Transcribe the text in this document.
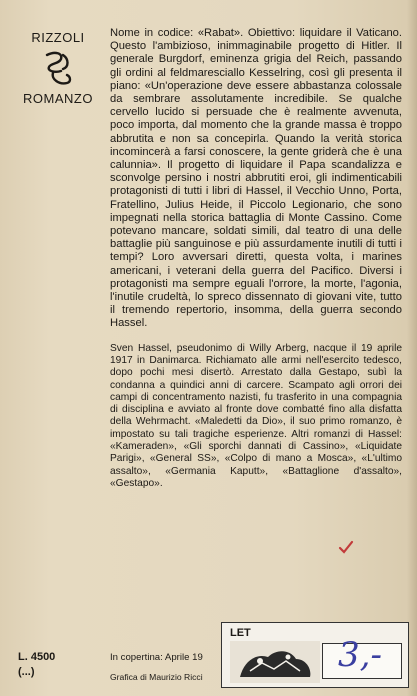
RIZZOLI
ROMANZO

Nome in codice: «Rabat». Obiettivo: liquidare il Vaticano. Questo l'ambizioso, inimmaginabile progetto di Hitler. Il generale Burgdorf, eminenza grigia del Reich, passando gli ordini al feldmaresciallo Kesselring, così gli presenta il piano: «Un'operazione deve essere abbastanza colossale da sembrare assolutamente incredibile. Se qualche cervello lucido si persuade che è realmente avvenuta, poco importa, dal momento che la grande massa è troppo abbrutita e non sa concepirla. Quando la verità storica incomincerà a farsi conoscere, la gente griderà che è una calunnia». Il progetto di liquidare il Papa scandalizza e sconvolge persino i nostri abbrutiti eroi, gli indimenticabili protagonisti di tutti i libri di Hassel, il Vecchio Unno, Porta, Fratellino, Julius Heide, il Piccolo Legionario, che sono impegnati nella storica battaglia di Monte Cassino. Come potevano mancare, soldati simili, dal teatro di una delle battaglie più sanguinose e più assurdamente inutili di tutti i tempi? Loro avversari diretti, questa volta, i marines americani, i veterani della guerra del Pacifico. Diversi i protagonisti ma sempre eguali l'orrore, la morte, l'agonia, l'inutile crudeltà, lo spreco dissennato di giovani vite, tutto il tremendo repertorio, insomma, della guerra secondo Hassel.

Sven Hassel, pseudonimo di Willy Arberg, nacque il 19 aprile 1917 in Danimarca. Richiamato alle armi nell'esercito tedesco, dopo pochi mesi disertò. Arrestato dalla Gestapo, subì la condanna a quindici anni di carcere. Scampato agli orrori dei campi di concentramento nazisti, fu trasferito in una compagnia di disciplina e avviato al fronte dove combatté fino alla disfatta della Wehrmacht. «Maledetti da Dio», il suo primo romanzo, è impostato su tali tragiche esperienze. Altri romanzi di Hassel: «Kameraden», «Gli sporchi dannati di Cassino», «Liquidate Parigi», «General SS», «Colpo di mano a Mosca», «L'ultimo assalto», «Germania Kaputt», «Battaglione d'assalto», «Gestapo».

L. 4500
(...)
In copertina: Aprile 19
Grafica di Maurizio Ricci
LET
3,-
